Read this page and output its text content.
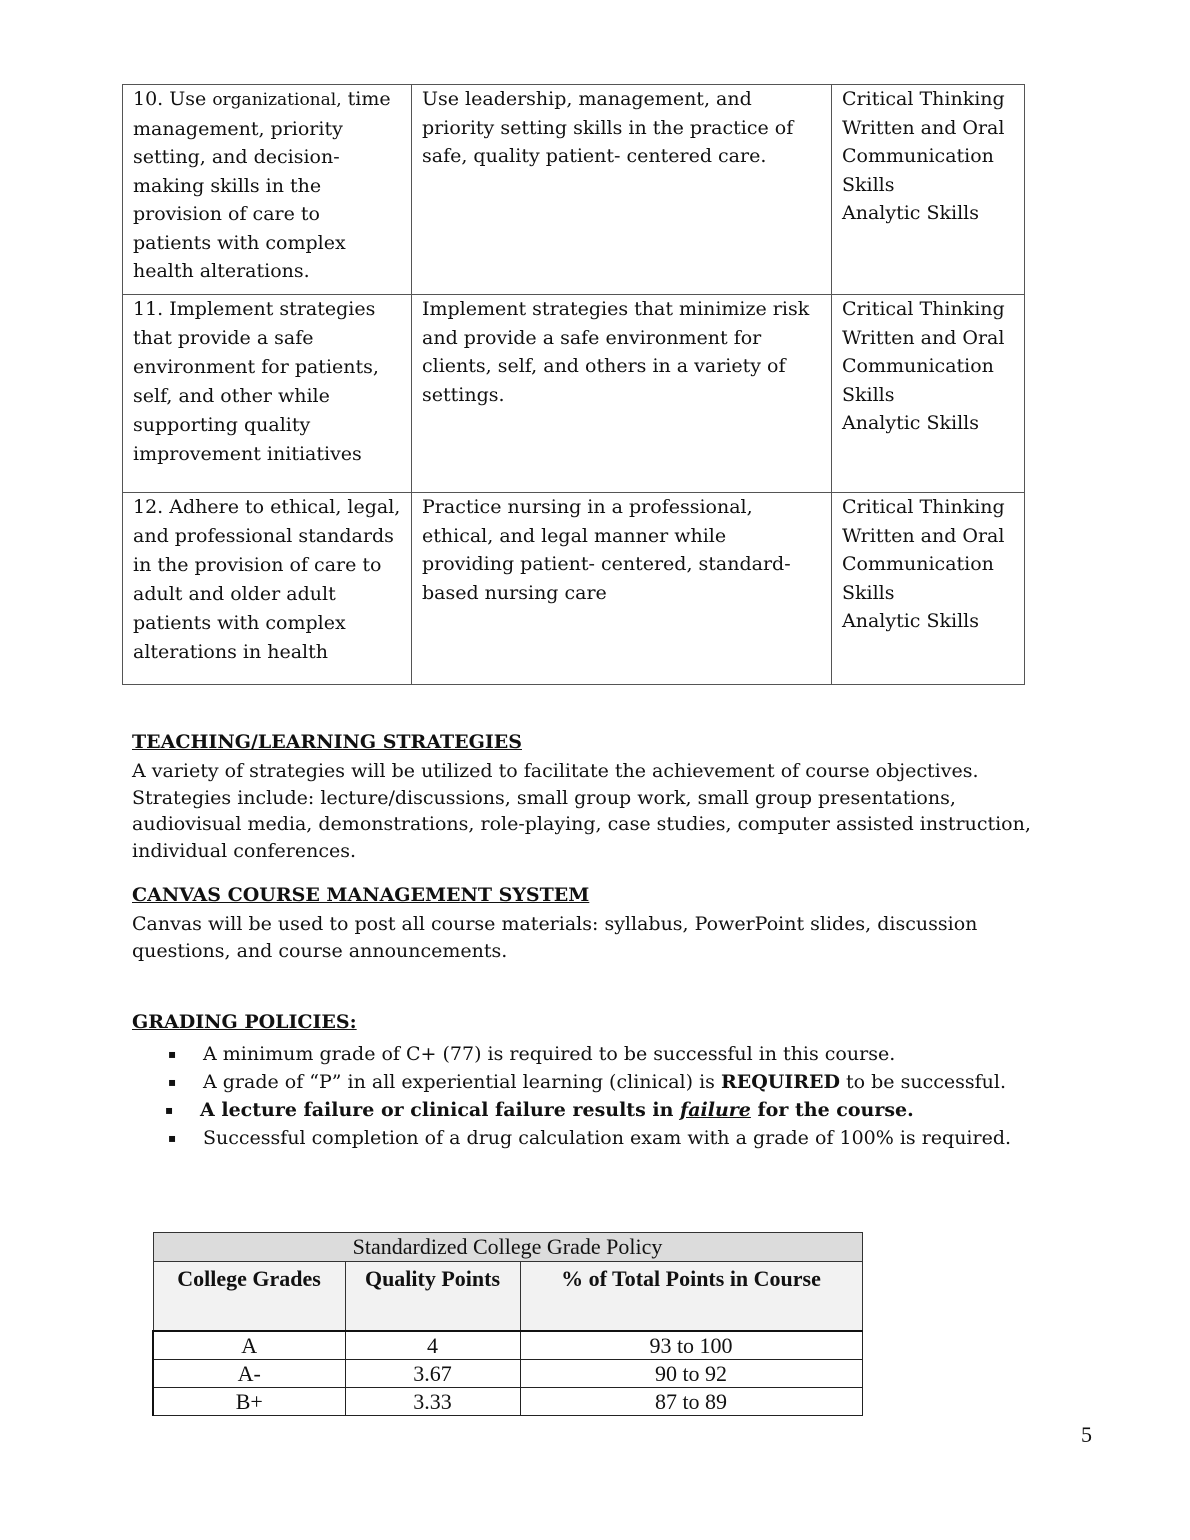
10. Use organizational, time management, priority setting, and decision-making skills in the provision of care to patients with complex health alterations.	Use leadership, management, and priority setting skills in the practice of safe, quality patient- centered care.	Critical Thinking
Written and Oral
Communication
Skills
Analytic Skills

11. Implement strategies that provide a safe environment for patients, self, and other while supporting quality improvement initiatives	Implement strategies that minimize risk and provide a safe environment for clients, self, and others in a variety of settings.	Critical Thinking
Written and Oral
Communication
Skills
Analytic Skills

12. Adhere to ethical, legal, and professional standards in the provision of care to adult and older adult patients with complex alterations in health	Practice nursing in a professional, ethical, and legal manner while providing patient- centered, standard-based nursing care	Critical Thinking
Written and Oral
Communication
Skills
Analytic Skills
TEACHING/LEARNING STRATEGIES
A variety of strategies will be utilized to facilitate the achievement of course objectives. Strategies include: lecture/discussions, small group work, small group presentations, audiovisual media, demonstrations, role-playing, case studies, computer assisted instruction, individual conferences.
CANVAS COURSE MANAGEMENT SYSTEM
Canvas will be used to post all course materials: syllabus, PowerPoint slides, discussion questions, and course announcements.
GRADING POLICIES:
▪ A minimum grade of C+ (77) is required to be successful in this course.
▪ A grade of “P” in all experiential learning (clinical) is REQUIRED to be successful.
▪ A lecture failure or clinical failure results in failure for the course.
▪ Successful completion of a drug calculation exam with a grade of 100% is required.
Standardized College Grade Policy		
College Grades	Quality Points	% of Total Points in Course
A	4	93 to 100
A-	3.67	90 to 92
B+	3.33	87 to 89
5
